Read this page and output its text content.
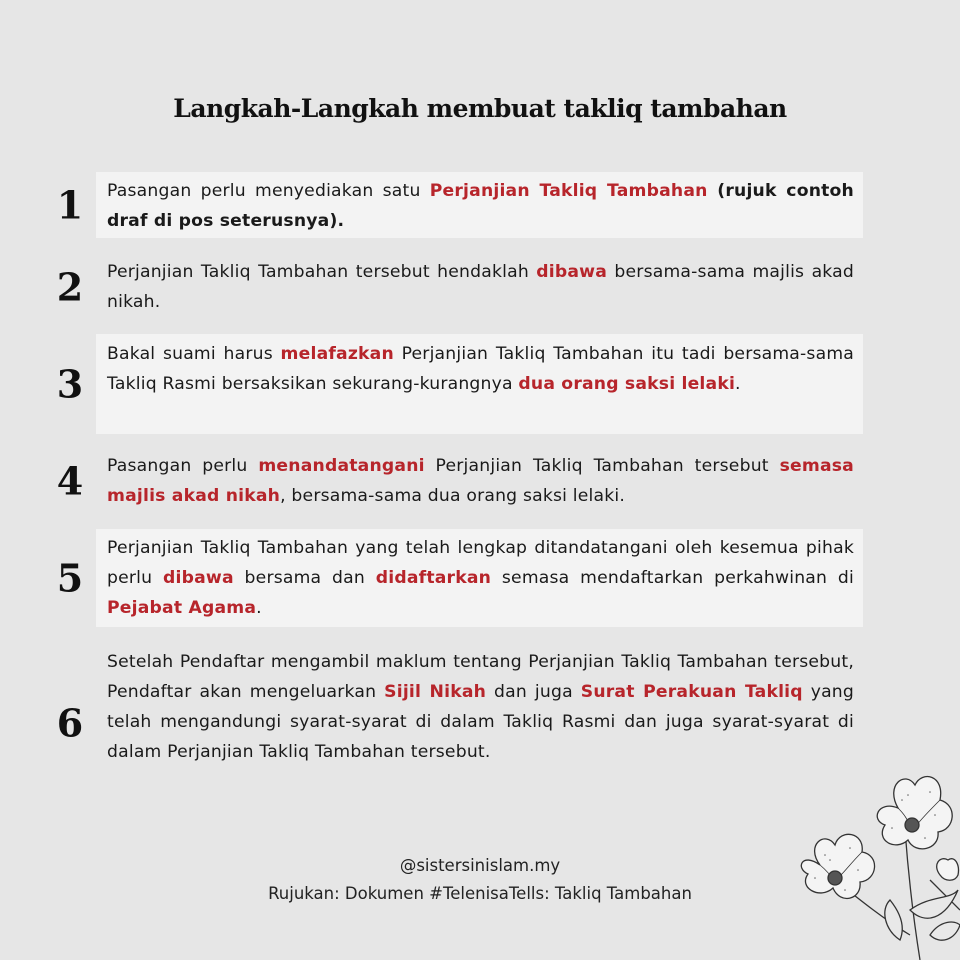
Langkah-Langkah membuat takliq tambahan
1	Pasangan perlu menyediakan satu Perjanjian Takliq Tambahan (rujuk contoh draf di pos seterusnya).
2	Perjanjian Takliq Tambahan tersebut hendaklah dibawa bersama-sama majlis akad nikah.
3
Bakal suami harus melafazkan Perjanjian Takliq Tambahan itu tadi bersama-sama Takliq Rasmi bersaksikan sekurang-kurangnya dua orang saksi lelaki.
4	Pasangan perlu menandatangani Perjanjian Takliq Tambahan tersebut semasa majlis akad nikah, bersama-sama dua orang saksi lelaki.
5
Perjanjian Takliq Tambahan yang telah lengkap ditandatangani oleh kesemua pihak perlu dibawa bersama dan didaftarkan semasa mendaftarkan perkahwinan di Pejabat Agama.
6
Setelah Pendaftar mengambil maklum tentang Perjanjian Takliq Tambahan tersebut, Pendaftar akan mengeluarkan Sijil Nikah dan juga Surat Perakuan Takliq yang telah mengandungi syarat-syarat di dalam Takliq Rasmi dan juga syarat-syarat di dalam Perjanjian Takliq Tambahan tersebut.
@sistersinislam.my
Rujukan: Dokumen #TelenisaTells: Takliq Tambahan
